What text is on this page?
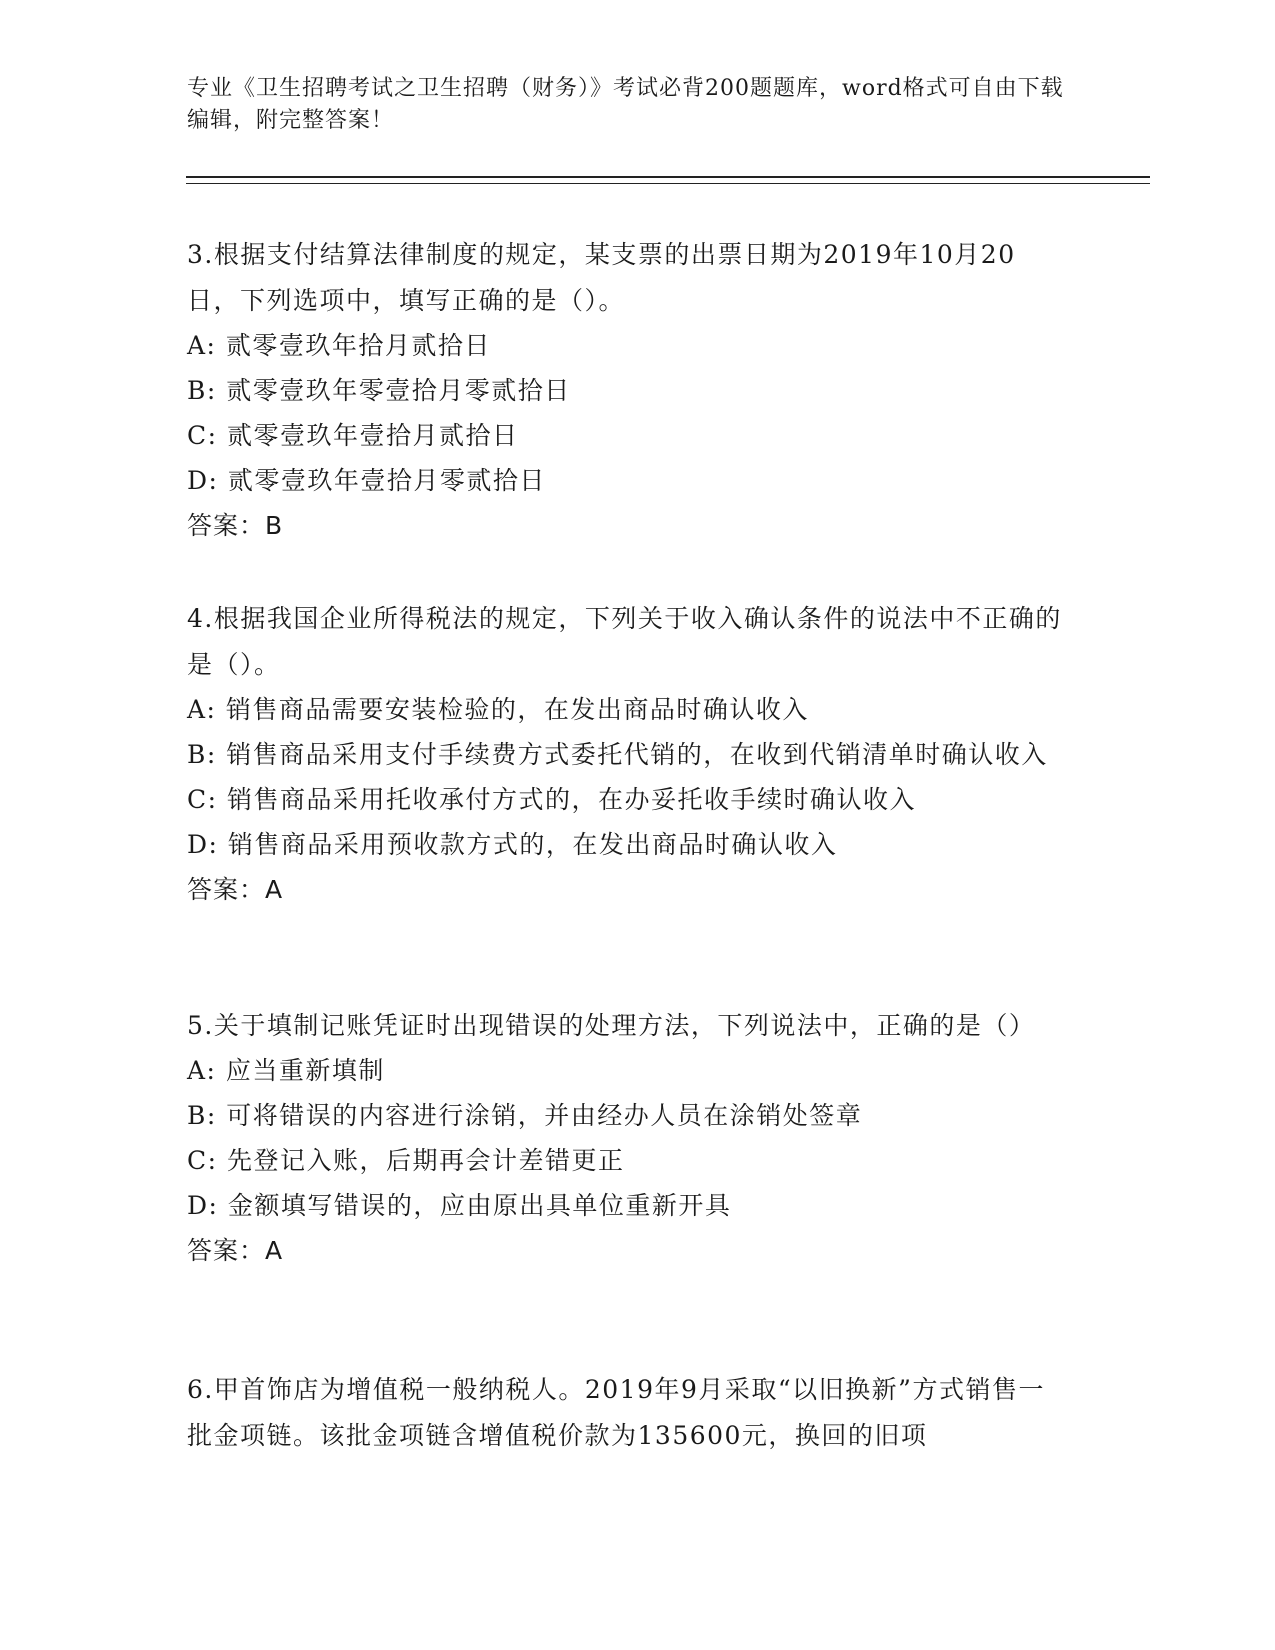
专业《卫生招聘考试之卫生招聘（财务）》考试必背200题题库，word格式可自由下载编辑，附完整答案！
3.根据支付结算法律制度的规定，某支票的出票日期为2019年10月20日，下列选项中，填写正确的是（）。
A: 贰零壹玖年拾月贰拾日
B: 贰零壹玖年零壹拾月零贰拾日
C: 贰零壹玖年壹拾月贰拾日
D: 贰零壹玖年壹拾月零贰拾日
答案：B
4.根据我国企业所得税法的规定，下列关于收入确认条件的说法中不正确的是（）。
A: 销售商品需要安装检验的，在发出商品时确认收入
B: 销售商品采用支付手续费方式委托代销的，在收到代销清单时确认收入
C: 销售商品采用托收承付方式的，在办妥托收手续时确认收入
D: 销售商品采用预收款方式的，在发出商品时确认收入
答案：A
5.关于填制记账凭证时出现错误的处理方法，下列说法中，正确的是（）
A: 应当重新填制
B: 可将错误的内容进行涂销，并由经办人员在涂销处签章
C: 先登记入账，后期再会计差错更正
D: 金额填写错误的，应由原出具单位重新开具
答案：A
6.甲首饰店为增值税一般纳税人。2019年9月采取“以旧换新”方式销售一批金项链。该批金项链含增值税价款为135600元，换回的旧项
